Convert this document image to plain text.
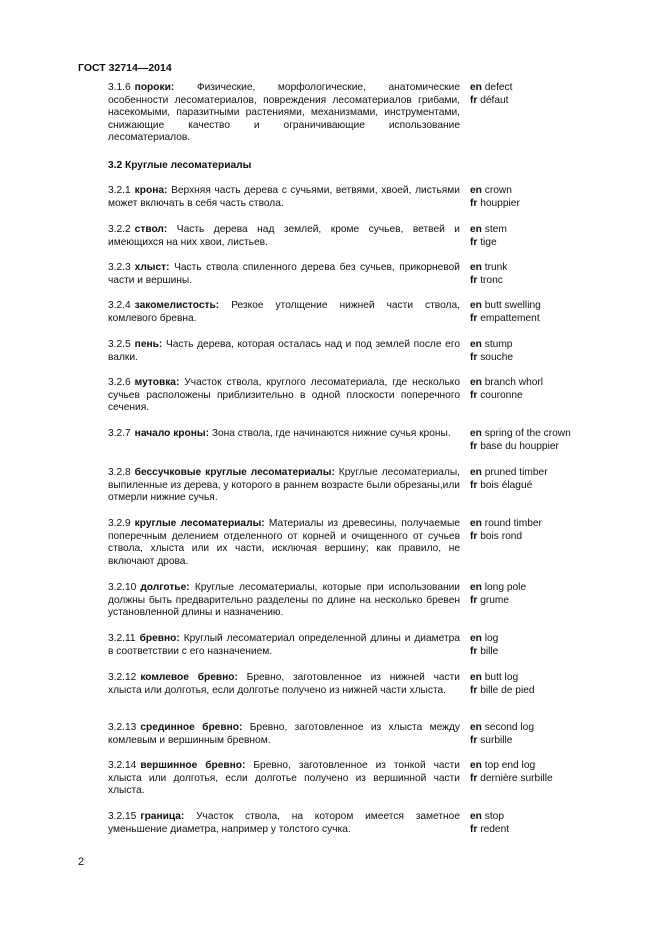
ГОСТ 32714—2014
3.2 Круглые лесоматериалы
3.1.6 пороки: Физические, морфологические, анатомические особенности лесоматериалов, повреждения лесоматериалов грибами, насекомыми, паразитными растениями, механизмами, инструментами, снижающие качество и ограничивающие использование лесоматериалов.
en defect
fr défaut
3.2.1 крона: Верхняя часть дерева с сучьями, ветвями, хвоей, листьями может включать в себя часть ствола.
en crown
fr houppier
3.2.2 ствол: Часть дерева над землей, кроме сучьев, ветвей и имеющихся на них хвои, листьев.
en stem
fr tige
3.2.3 хлыст: Часть ствола спиленного дерева без сучьев, прикорневой части и вершины.
en trunk
fr tronc
3.2.4 закомелистость: Резкое утолщение нижней части ствола, комлевого бревна.
en butt swelling
fr empattement
3.2.5 пень: Часть дерева, которая осталась над и под землей после его валки.
en stump
fr souche
3.2.6 мутовка: Участок ствола, круглого лесоматериала, где несколько сучьев расположены приблизительно в одной плоскости поперечного сечения.
en branch whorl
fr couronne
3.2.7 начало кроны: Зона ствола, где начинаются нижние сучья кроны.	en spring of the crown
fr base du houppier
3.2.8 бессучковые круглые лесоматериалы: Круглые лесоматериалы, выпиленные из дерева, у которого в раннем возрасте были обрезаны,или отмерли нижние сучья.
en pruned timber
fr bois élagué
3.2.9 круглые лесоматериалы: Материалы из древесины, получаемые поперечным делением отделенного от корней и очищенного от сучьев ствола, хлыста или их части, исключая вершину; как правило, не включают дрова.
en round timber
fr bois rond
3.2.10 долготье: Круглые лесоматериалы, которые при использовании должны быть предварительно разделены по длине на несколько бревен установленной длины и назначению.
en long pole
fr grume
3.2.11 бревно: Круглый лесоматериал определенной длины и диаметра в соответствии с его назначением.
en log
fr bille
3.2.12 комлевое бревно: Бревно, заготовленное из нижней части хлыста или долготья, если долготье получено из нижней части хлыста.
en butt log
fr bille de pied
3.2.13 срединное бревно: Бревно, заготовленное из хлыста между комлевым и вершинным бревном.
en second log
fr surbille
3.2.14 вершинное бревно: Бревно, заготовленное из тонкой части хлыста или долготья, если долготье получено из вершинной части хлыста.
en top end log
fr dernière surbille
3.2.15 граница: Участок ствола, на котором имеется заметное уменьшение диаметра, например у толстого сучка.
en stop
fr redent
2
